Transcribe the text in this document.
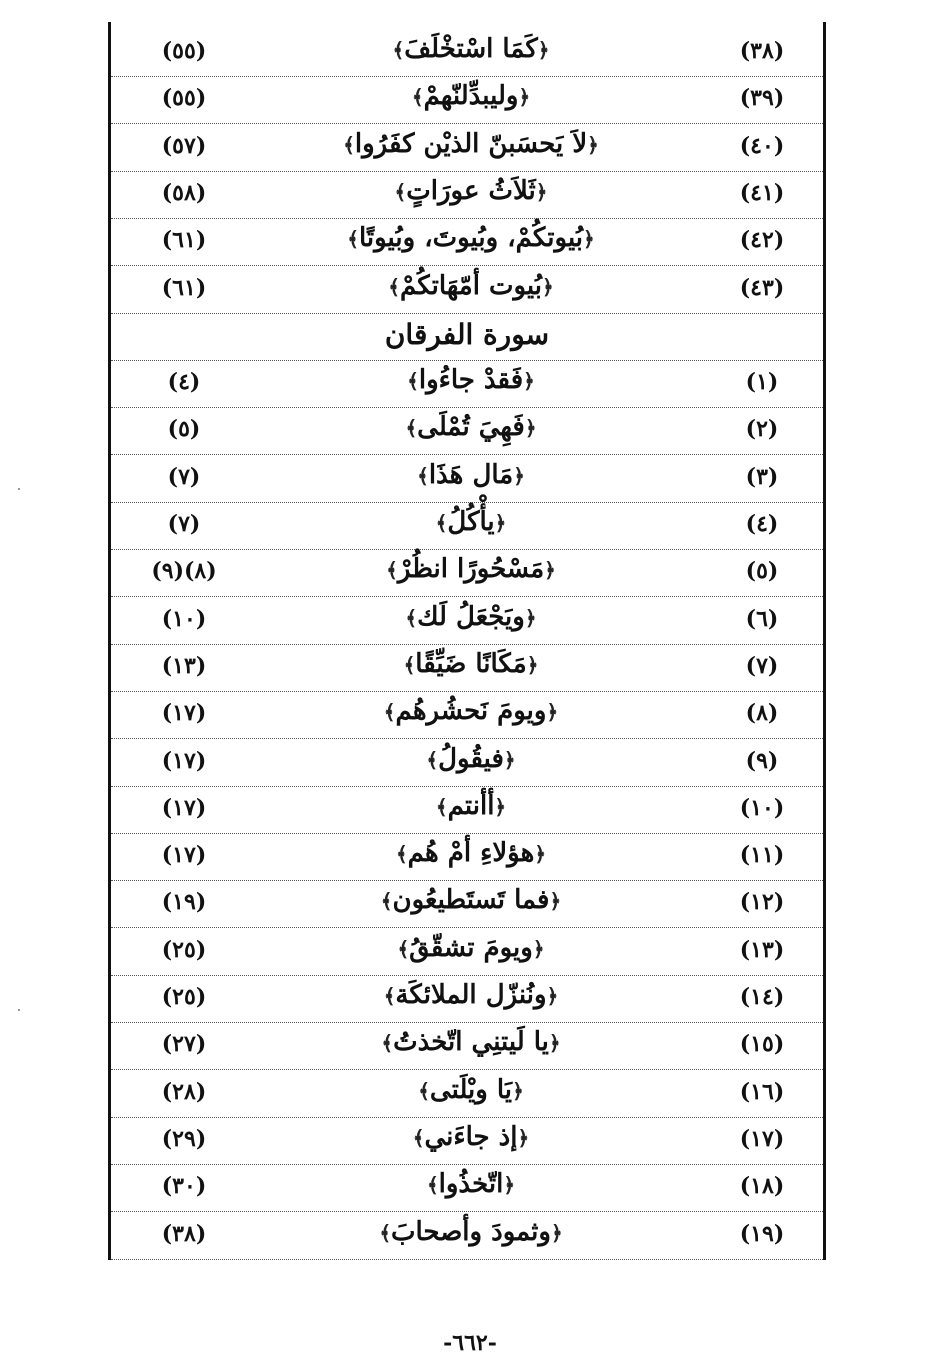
(٣٨)
﴿كَمَا اسْتخْلَفَ﴾
(٥٥)
(٣٩)
﴿وليبدِّلنّهمْ﴾
(٥٥)
(٤٠)
﴿لاَ يَحسَبنّ الذيْن كفَرُوا﴾
(٥٧)
(٤١)
﴿ثَلاَثُ عورَاتٍ﴾
(٥٨)
(٤٢)
﴿بُيوتكُمْ، وبُيوتَ، وبُيوتًا﴾
(٦١)
(٤٣)
﴿بُيوت أمّهَاتكُمْ﴾
(٦١)
سورة الفرقان
(١)
﴿فَقدْ جاءُوا﴾
(٤)
(٢)
﴿فَهِيَ تُمْلَى﴾
(٥)
(٣)
﴿مَال هَذَا﴾
(٧)
(٤)
﴿يأْكُلُ﴾
(٧)
(٥)
﴿مَسْحُورًا انظُرْ﴾
(٨)(٩)
(٦)
﴿ويَجْعَلُ لَك﴾
(١٠)
(٧)
﴿مَكَانًا ضَيِّقًا﴾
(١٣)
(٨)
﴿ويومَ نَحشُرهُم﴾
(١٧)
(٩)
﴿فيقُولُ﴾
(١٧)
(١٠)
﴿أأنتم﴾
(١٧)
(١١)
﴿هؤلاءِ أمْ هُم﴾
(١٧)
(١٢)
﴿فما تَستَطيعُون﴾
(١٩)
(١٣)
﴿ويومَ تشقّقُ﴾
(٢٥)
(١٤)
﴿ونُنزّل الملائكَة﴾
(٢٥)
(١٥)
﴿يا لَيتنِي اتّخذتُ﴾
(٢٧)
(١٦)
﴿يَا ويْلَتى﴾
(٢٨)
(١٧)
﴿إذ جاءَني﴾
(٢٩)
(١٨)
﴿اتّخذُوا﴾
(٣٠)
(١٩)
﴿وثمودَ وأصحابَ﴾
(٣٨)
-٦٦٢-
